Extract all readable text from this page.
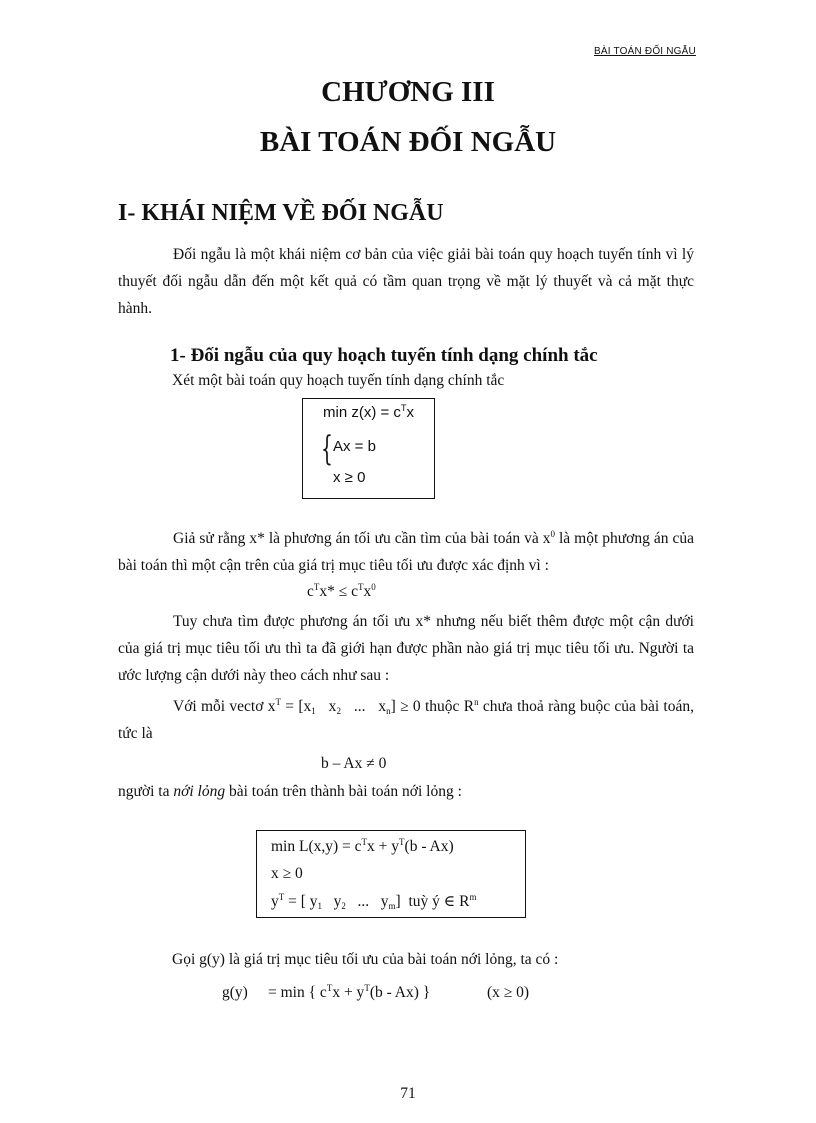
BÀI TOÁN ĐỐI NGẪU
CHƯƠNG III
BÀI TOÁN ĐỐI NGẪU
I- KHÁI NIỆM VỀ ĐỐI NGẪU
Đối ngẫu là một khái niệm cơ bản của việc giải bài toán quy hoạch tuyến tính vì lý thuyết đối ngẫu dẫn đến một kết quả có tầm quan trọng về mặt lý thuyết và cả mặt thực hành.
1- Đối ngẫu của quy hoạch tuyến tính dạng chính tắc
Xét một bài toán quy hoạch tuyến tính dạng chính tắc
$\min z(x) = c^Tx$
{ Ax = b
x ≥ 0
Giả sử rằng x* là phương án tối ưu cần tìm của bài toán và $x^0$ là một phương án của bài toán thì một cận trên của giá trị mục tiêu tối ưu được xác định vì :
$c^Tx* \le c^Tx^0$
Tuy chưa tìm được phương án tối ưu x* nhưng nếu biết thêm được một cận dưới của giá trị mục tiêu tối ưu thì ta đã giới hạn được phần nào giá trị mục tiêu tối ưu. Người ta ước lượng cận dưới này theo cách như sau :
Với mỗi vectơ $x^T = [x_1$   $x_2$   ...   $x_n] \ge 0$ thuộc $R^n$ chưa thoả ràng buộc của bài toán, tức là
b – Ax ≠ 0
người ta nới lỏng bài toán trên thành bài toán nới lỏng :
$\min L(x,y) = c^Tx + y^T(b - Ax)$
x ≥ 0
$y^T$ = [ $y_1$   $y_2$   ...   $y_m$]  tuỳ ý ∈ $R^m$
Gọi g(y) là giá trị mục tiêu tối ưu của bài toán nới lỏng, ta có :
g(y) = min { $c^Tx + y^T(b - Ax)$ }	(x ≥ 0)
71
